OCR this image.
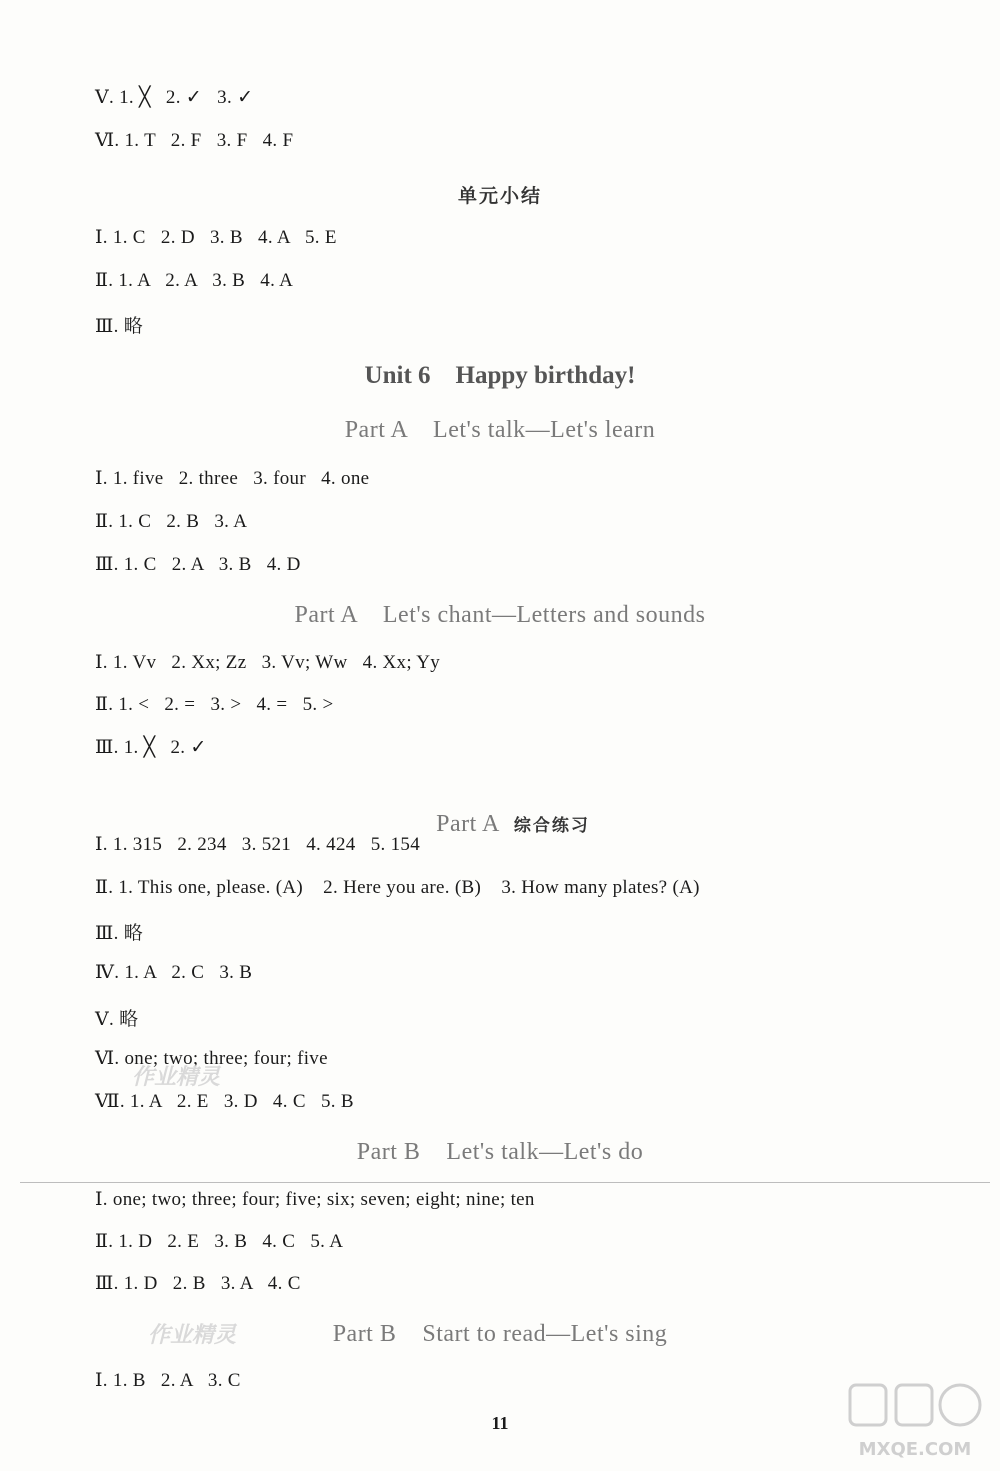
Ⅴ. 1. ╳   2. ✓   3. ✓
Ⅵ. 1. T   2. F   3. F   4. F
单元小结
Ⅰ. 1. C   2. D   3. B   4. A   5. E
Ⅱ. 1. A   2. A   3. B   4. A
Ⅲ. 略
Unit 6    Happy birthday!
Part A    Let's talk—Let's learn
Ⅰ. 1. five   2. three   3. four   4. one
Ⅱ. 1. C   2. B   3. A
Ⅲ. 1. C   2. A   3. B   4. D
Part A    Let's chant—Letters and sounds
Ⅰ. 1. Vv   2. Xx; Zz   3. Vv; Ww   4. Xx; Yy
Ⅱ. 1. <   2. =   3. >   4. =   5. >
Ⅲ. 1. ╳   2. ✓

Part A 综合练习

Ⅰ. 1. 315   2. 234   3. 521   4. 424   5. 154
Ⅱ. 1. This one, please. (A)    2. Here you are. (B)    3. How many plates? (A)
Ⅲ. 略
Ⅳ. 1. A   2. C   3. B
Ⅴ. 略
Ⅵ. one; two; three; four; five
Ⅶ. 1. A   2. E   3. D   4. C   5. B
Part B    Let's talk—Let's do
Ⅰ. one; two; three; four; five; six; seven; eight; nine; ten
Ⅱ. 1. D   2. E   3. B   4. C   5. A
Ⅲ. 1. D   2. B   3. A   4. C
Part B    Start to read—Let's sing
Ⅰ. 1. B   2. A   3. C
11
作业精灵
作业精灵
MXQE.COM
